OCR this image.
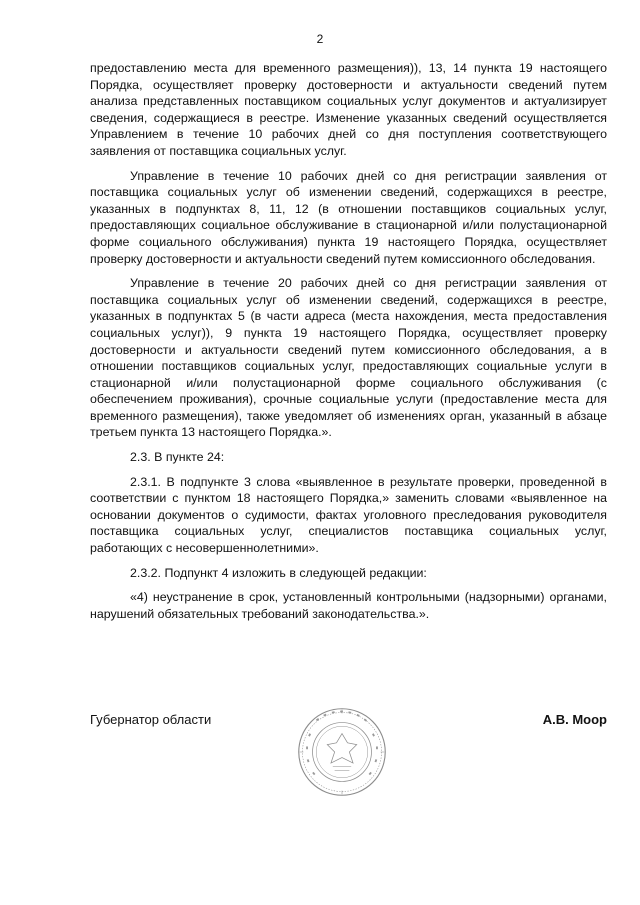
2

предоставлению места для временного размещения)), 13, 14 пункта 19 настоящего Порядка, осуществляет проверку достоверности и актуальности сведений путем анализа представленных поставщиком социальных услуг документов и актуализирует сведения, содержащиеся в реестре. Изменение указанных сведений осуществляется Управлением в течение 10 рабочих дней со дня поступления соответствующего заявления от поставщика социальных услуг.

Управление в течение 10 рабочих дней со дня регистрации заявления от поставщика социальных услуг об изменении сведений, содержащихся в реестре, указанных в подпунктах 8, 11, 12 (в отношении поставщиков социальных услуг, предоставляющих социальное обслуживание в стационарной и/или полустационарной форме социального обслуживания) пункта 19 настоящего Порядка, осуществляет проверку достоверности и актуальности сведений путем комиссионного обследования.

Управление в течение 20 рабочих дней со дня регистрации заявления от поставщика социальных услуг об изменении сведений, содержащихся в реестре, указанных в подпунктах 5 (в части адреса (места нахождения, места предоставления социальных услуг)), 9 пункта 19 настоящего Порядка, осуществляет проверку достоверности и актуальности сведений путем комиссионного обследования, а в отношении поставщиков социальных услуг, предоставляющих социальные услуги в стационарной и/или полустационарной форме социального обслуживания (с обеспечением проживания), срочные социальные услуги (предоставление места для временного размещения), также уведомляет об изменениях орган, указанный в абзаце третьем пункта 13 настоящего Порядка.».

2.3. В пункте 24:

2.3.1. В подпункте 3 слова «выявленное в результате проверки, проведенной в соответствии с пунктом 18 настоящего Порядка,» заменить словами «выявленное на основании документов о судимости, фактах уголовного преследования руководителя поставщика социальных услуг, специалистов поставщика социальных услуг, работающих с несовершеннолетними».

2.3.2. Подпункт 4 изложить в следующей редакции:

«4) неустранение в срок, установленный контрольными (надзорными) органами, нарушений обязательных требований законодательства.».

Губернатор области	А.В. Моор
